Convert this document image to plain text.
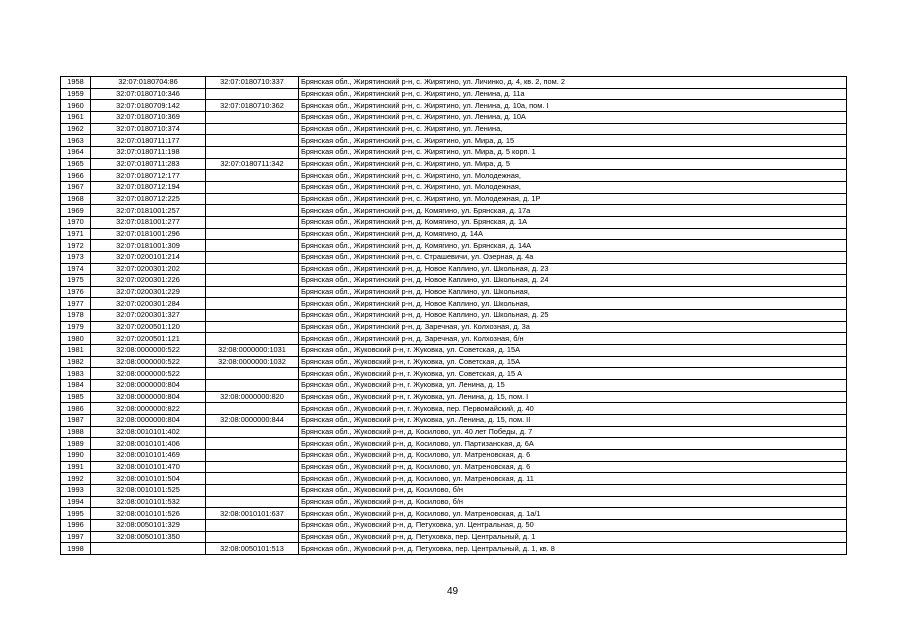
1958	32:07:0180704:86	32:07:0180710:337	Брянская обл., Жирятинский р-н, с. Жирятино, ул. Личинко, д. 4, кв. 2, пом. 2
1959	32:07:0180710:346		Брянская обл., Жирятинский р-н, с. Жирятино, ул. Ленина, д. 11а
1960	32:07:0180709:142	32:07:0180710:362	Брянская обл., Жирятинский р-н, с. Жирятино, ул. Ленина, д. 10а, пом. I
1961	32:07:0180710:369		Брянская обл., Жирятинский р-н, с. Жирятино, ул. Ленина, д. 10А
1962	32:07:0180710:374		Брянская обл., Жирятинский р-н, с. Жирятино, ул. Ленина,
1963	32:07:0180711:177		Брянская обл., Жирятинский р-н, с. Жирятино, ул. Мира, д. 15
1964	32:07:0180711:198		Брянская обл., Жирятинский р-н, с. Жирятино, ул. Мира, д. 5 корп. 1
1965	32:07:0180711:283	32:07:0180711:342	Брянская обл., Жирятинский р-н, с. Жирятино, ул. Мира, д. 5
1966	32:07:0180712:177		Брянская обл., Жирятинский р-н, с. Жирятино, ул. Молодежная,
1967	32:07:0180712:194		Брянская обл., Жирятинский р-н, с. Жирятино, ул. Молодежная,
1968	32:07:0180712:225		Брянская обл., Жирятинский р-н, с. Жирятино, ул. Молодежная, д. 1Р
1969	32:07:0181001:257		Брянская обл., Жирятинский р-н, д. Комягино, ул. Брянская, д. 17а
1970	32:07:0181001:277		Брянская обл., Жирятинский р-н, д. Комягино, ул. Брянская, д. 1А
1971	32:07:0181001:296		Брянская обл., Жирятинский р-н, д. Комягино, д. 14А
1972	32:07:0181001:309		Брянская обл., Жирятинский р-н, д. Комягино, ул. Брянская, д. 14А
1973	32:07:0200101:214		Брянская обл., Жирятинский р-н, с. Страшевичи, ул. Озерная, д. 4а
1974	32:07:0200301:202		Брянская обл., Жирятинский р-н, д. Новое Каплино, ул. Школьная, д. 23
1975	32:07:0200301:226		Брянская обл., Жирятинский р-н, д. Новое Каплино, ул. Школьная, д. 24
1976	32:07:0200301:229		Брянская обл., Жирятинский р-н, д. Новое Каплино, ул. Школьная,
1977	32:07:0200301:284		Брянская обл., Жирятинский р-н, д. Новое Каплино, ул. Школьная,
1978	32:07:0200301:327		Брянская обл., Жирятинский р-н, д. Новое Каплино, ул. Школьная, д. 25
1979	32:07:0200501:120		Брянская обл., Жирятинский р-н, д. Заречная, ул. Колхозная, д. 3а
1980	32:07:0200501:121		Брянская обл., Жирятинский р-н, д. Заречная, ул. Колхозная, б/н
1981	32:08:0000000:522	32:08:0000000:1031	Брянская обл., Жуковский р-н, г. Жуковка, ул. Советская, д. 15А
1982	32:08:0000000:522	32:08:0000000:1032	Брянская обл., Жуковский р-н, г. Жуковка, ул. Советская, д. 15А
1983	32:08:0000000:522		Брянская обл., Жуковский р-н, г. Жуковка, ул. Советская, д. 15 А
1984	32:08:0000000:804		Брянская обл., Жуковский р-н, г. Жуковка, ул. Ленина, д. 15
1985	32:08:0000000:804	32:08:0000000:820	Брянская обл., Жуковский р-н, г. Жуковка, ул. Ленина, д. 15, пом. I
1986	32:08:0000000:822		Брянская обл., Жуковский р-н, г. Жуковка, пер. Первомайский, д. 40
1987	32:08:0000000:804	32:08:0000000:844	Брянская обл., Жуковский р-н, г. Жуковка, ул. Ленина, д. 15, пом. II
1988	32:08:0010101:402		Брянская обл., Жуковский р-н, д. Косилово, ул. 40 лет Победы, д. 7
1989	32:08:0010101:406		Брянская обл., Жуковский р-н, д. Косилово, ул. Партизанская, д. 6А
1990	32:08:0010101:469		Брянская обл., Жуковский р-н, д. Косилово, ул. Матреновская, д. 6
1991	32:08:0010101:470		Брянская обл., Жуковский р-н, д. Косилово, ул. Матреновская, д. 6
1992	32:08:0010101:504		Брянская обл., Жуковский р-н, д. Косилово, ул. Матреновская, д. 11
1993	32:08:0010101:525		Брянская обл., Жуковский р-н, д. Косилово, б/н
1994	32:08:0010101:532		Брянская обл., Жуковский р-н, д. Косилово, б/н
1995	32:08:0010101:526	32:08:0010101:637	Брянская обл., Жуковский р-н, д. Косилово, ул. Матреновская, д. 1а/1
1996	32:08:0050101:329		Брянская обл., Жуковский р-н, д. Петуховка, ул. Центральная, д. 50
1997	32:08:0050101:350		Брянская обл., Жуковский р-н, д. Петуховка, пер. Центральный, д. 1
1998		32:08:0050101:513	Брянская обл., Жуковский р-н, д. Петуховка, пер. Центральный, д. 1, кв. 8
49
